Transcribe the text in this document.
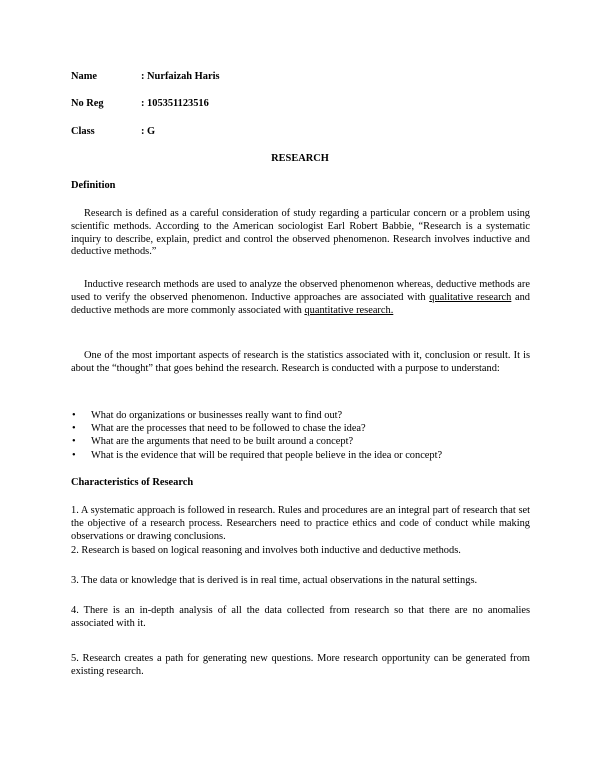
Name	: Nurfaizah Haris
No Reg	: 105351123516
Class	: G
RESEARCH
Definition
Research is defined as a careful consideration of study regarding a particular concern or a problem using scientific methods. According to the American sociologist Earl Robert Babbie, “Research is a systematic inquiry to describe, explain, predict and control the observed phenomenon. Research involves inductive and deductive methods.”
Inductive research methods are used to analyze the observed phenomenon whereas, deductive methods are used to verify the observed phenomenon. Inductive approaches are associated with qualitative research and deductive methods are more commonly associated with quantitative research.
One of the most important aspects of research is the statistics associated with it, conclusion or result. It is about the “thought” that goes behind the research. Research is conducted with a purpose to understand:
• What do organizations or businesses really want to find out?
• What are the processes that need to be followed to chase the idea?
• What are the arguments that need to be built around a concept?
• What is the evidence that will be required that people believe in the idea or concept?
Characteristics of Research
1. A systematic approach is followed in research. Rules and procedures are an integral part of research that set the objective of a research process. Researchers need to practice ethics and code of conduct while making observations or drawing conclusions.
2. Research is based on logical reasoning and involves both inductive and deductive methods.
3. The data or knowledge that is derived is in real time, actual observations in the natural settings.
4. There is an in-depth analysis of all the data collected from research so that there are no anomalies associated with it.
5. Research creates a path for generating new questions. More research opportunity can be generated from existing research.
